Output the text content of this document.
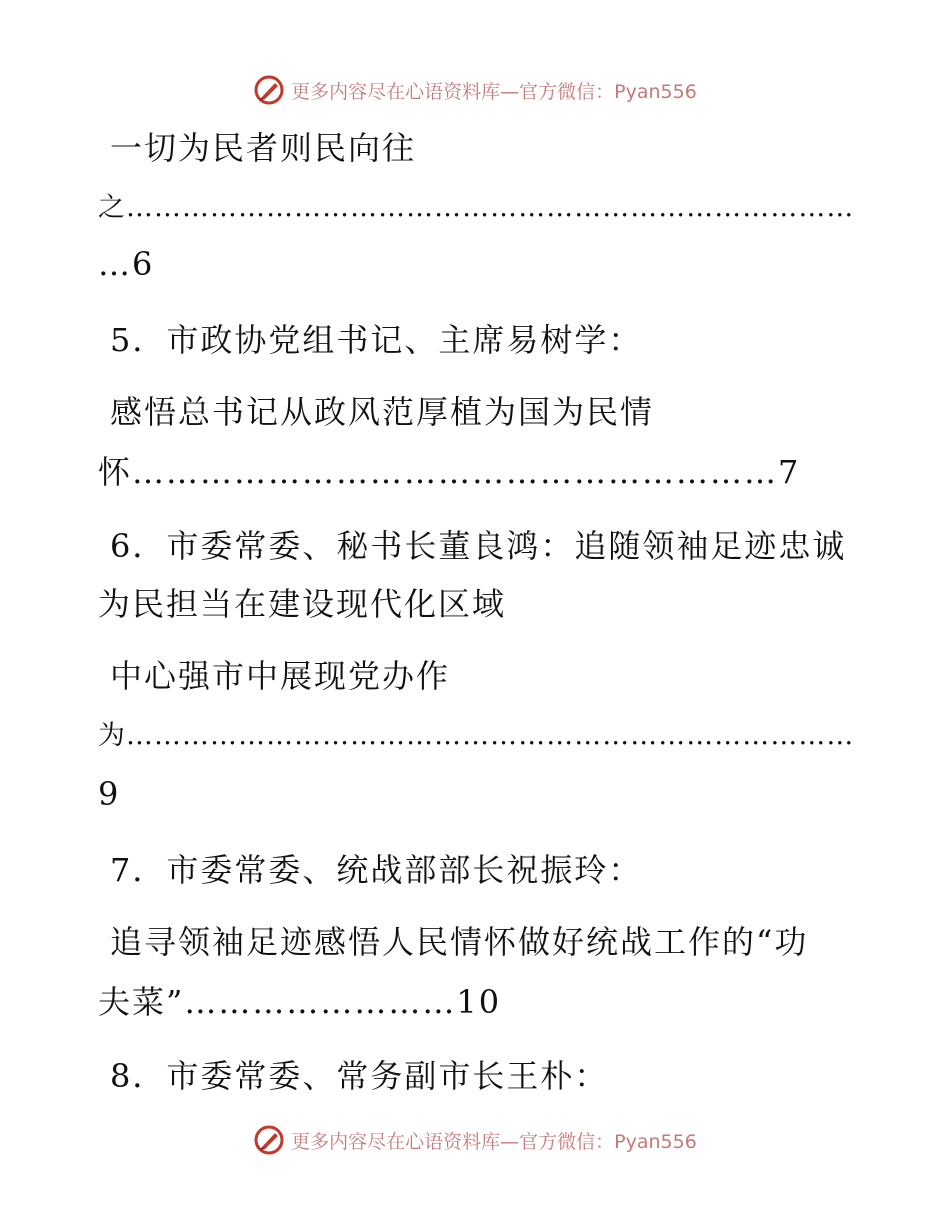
更多内容尽在心语资料库—官方微信：Pyan556
一切为民者则民向往
之……………………………………………………………………
…6
5．市政协党组书记、主席易树学：
感悟总书记从政风范厚植为国为民情
怀…………………………………………………7
6．市委常委、秘书长董良鸿：追随领袖足迹忠诚
为民担当在建设现代化区域
中心强市中展现党办作
为……………………………………………………………………
9
7．市委常委、统战部部长祝振玲：
追寻领袖足迹感悟人民情怀做好统战工作的“功
夫菜”……………………10
8．市委常委、常务副市长王朴：
更多内容尽在心语资料库—官方微信：Pyan556
